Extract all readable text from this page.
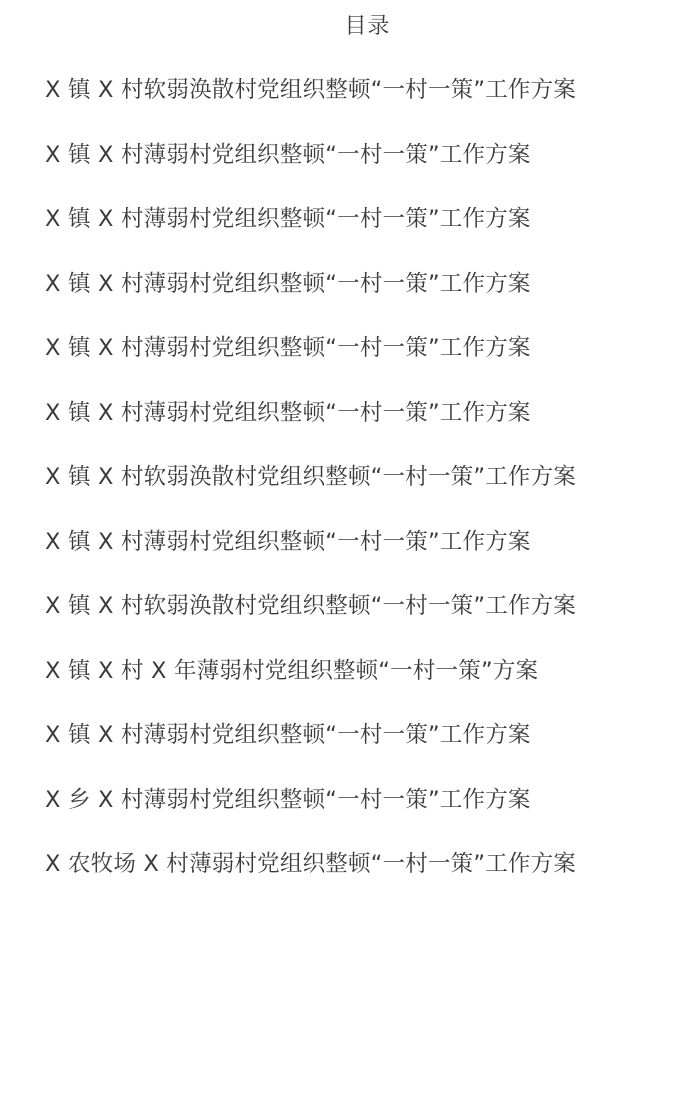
目录
X 镇 X 村软弱涣散村党组织整顿“一村一策”工作方案
X 镇 X 村薄弱村党组织整顿“一村一策”工作方案
X 镇 X 村薄弱村党组织整顿“一村一策”工作方案
X 镇 X 村薄弱村党组织整顿“一村一策”工作方案
X 镇 X 村薄弱村党组织整顿“一村一策”工作方案
X 镇 X 村薄弱村党组织整顿“一村一策”工作方案
X 镇 X 村软弱涣散村党组织整顿“一村一策”工作方案
X 镇 X 村薄弱村党组织整顿“一村一策”工作方案
X 镇 X 村软弱涣散村党组织整顿“一村一策”工作方案
X 镇 X 村 X 年薄弱村党组织整顿“一村一策”方案
X 镇 X 村薄弱村党组织整顿“一村一策”工作方案
X 乡 X 村薄弱村党组织整顿“一村一策”工作方案
X 农牧场 X 村薄弱村党组织整顿“一村一策”工作方案
